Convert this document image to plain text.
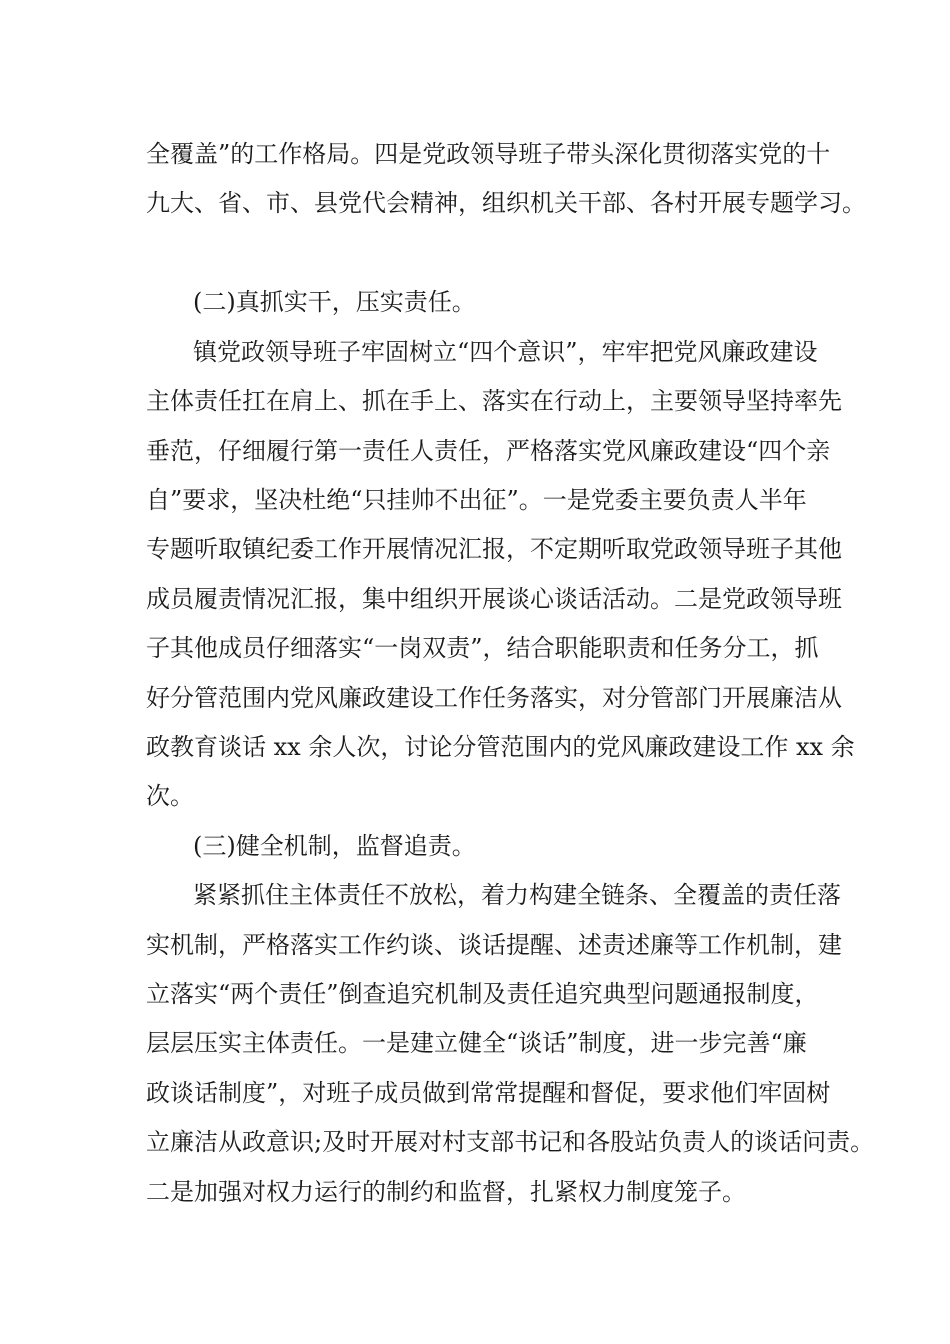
全覆盖”的工作格局。四是党政领导班子带头深化贯彻落实党的十
九大、省、市、县党代会精神，组织机关干部、各村开展专题学习。
(二)真抓实干，压实责任。
镇党政领导班子牢固树立“四个意识”，牢牢把党风廉政建设
主体责任扛在肩上、抓在手上、落实在行动上，主要领导坚持率先
垂范，仔细履行第一责任人责任，严格落实党风廉政建设“四个亲
自”要求，坚决杜绝“只挂帅不出征”。一是党委主要负责人半年
专题听取镇纪委工作开展情况汇报，不定期听取党政领导班子其他
成员履责情况汇报，集中组织开展谈心谈话活动。二是党政领导班
子其他成员仔细落实“一岗双责”，结合职能职责和任务分工，抓
好分管范围内党风廉政建设工作任务落实，对分管部门开展廉洁从
政教育谈话 xx 余人次，讨论分管范围内的党风廉政建设工作 xx 余
次。
(三)健全机制，监督追责。
紧紧抓住主体责任不放松，着力构建全链条、全覆盖的责任落
实机制，严格落实工作约谈、谈话提醒、述责述廉等工作机制，建
立落实“两个责任”倒查追究机制及责任追究典型问题通报制度，
层层压实主体责任。一是建立健全“谈话”制度，进一步完善“廉
政谈话制度”，对班子成员做到常常提醒和督促，要求他们牢固树
立廉洁从政意识;及时开展对村支部书记和各股站负责人的谈话问责。
二是加强对权力运行的制约和监督，扎紧权力制度笼子。
